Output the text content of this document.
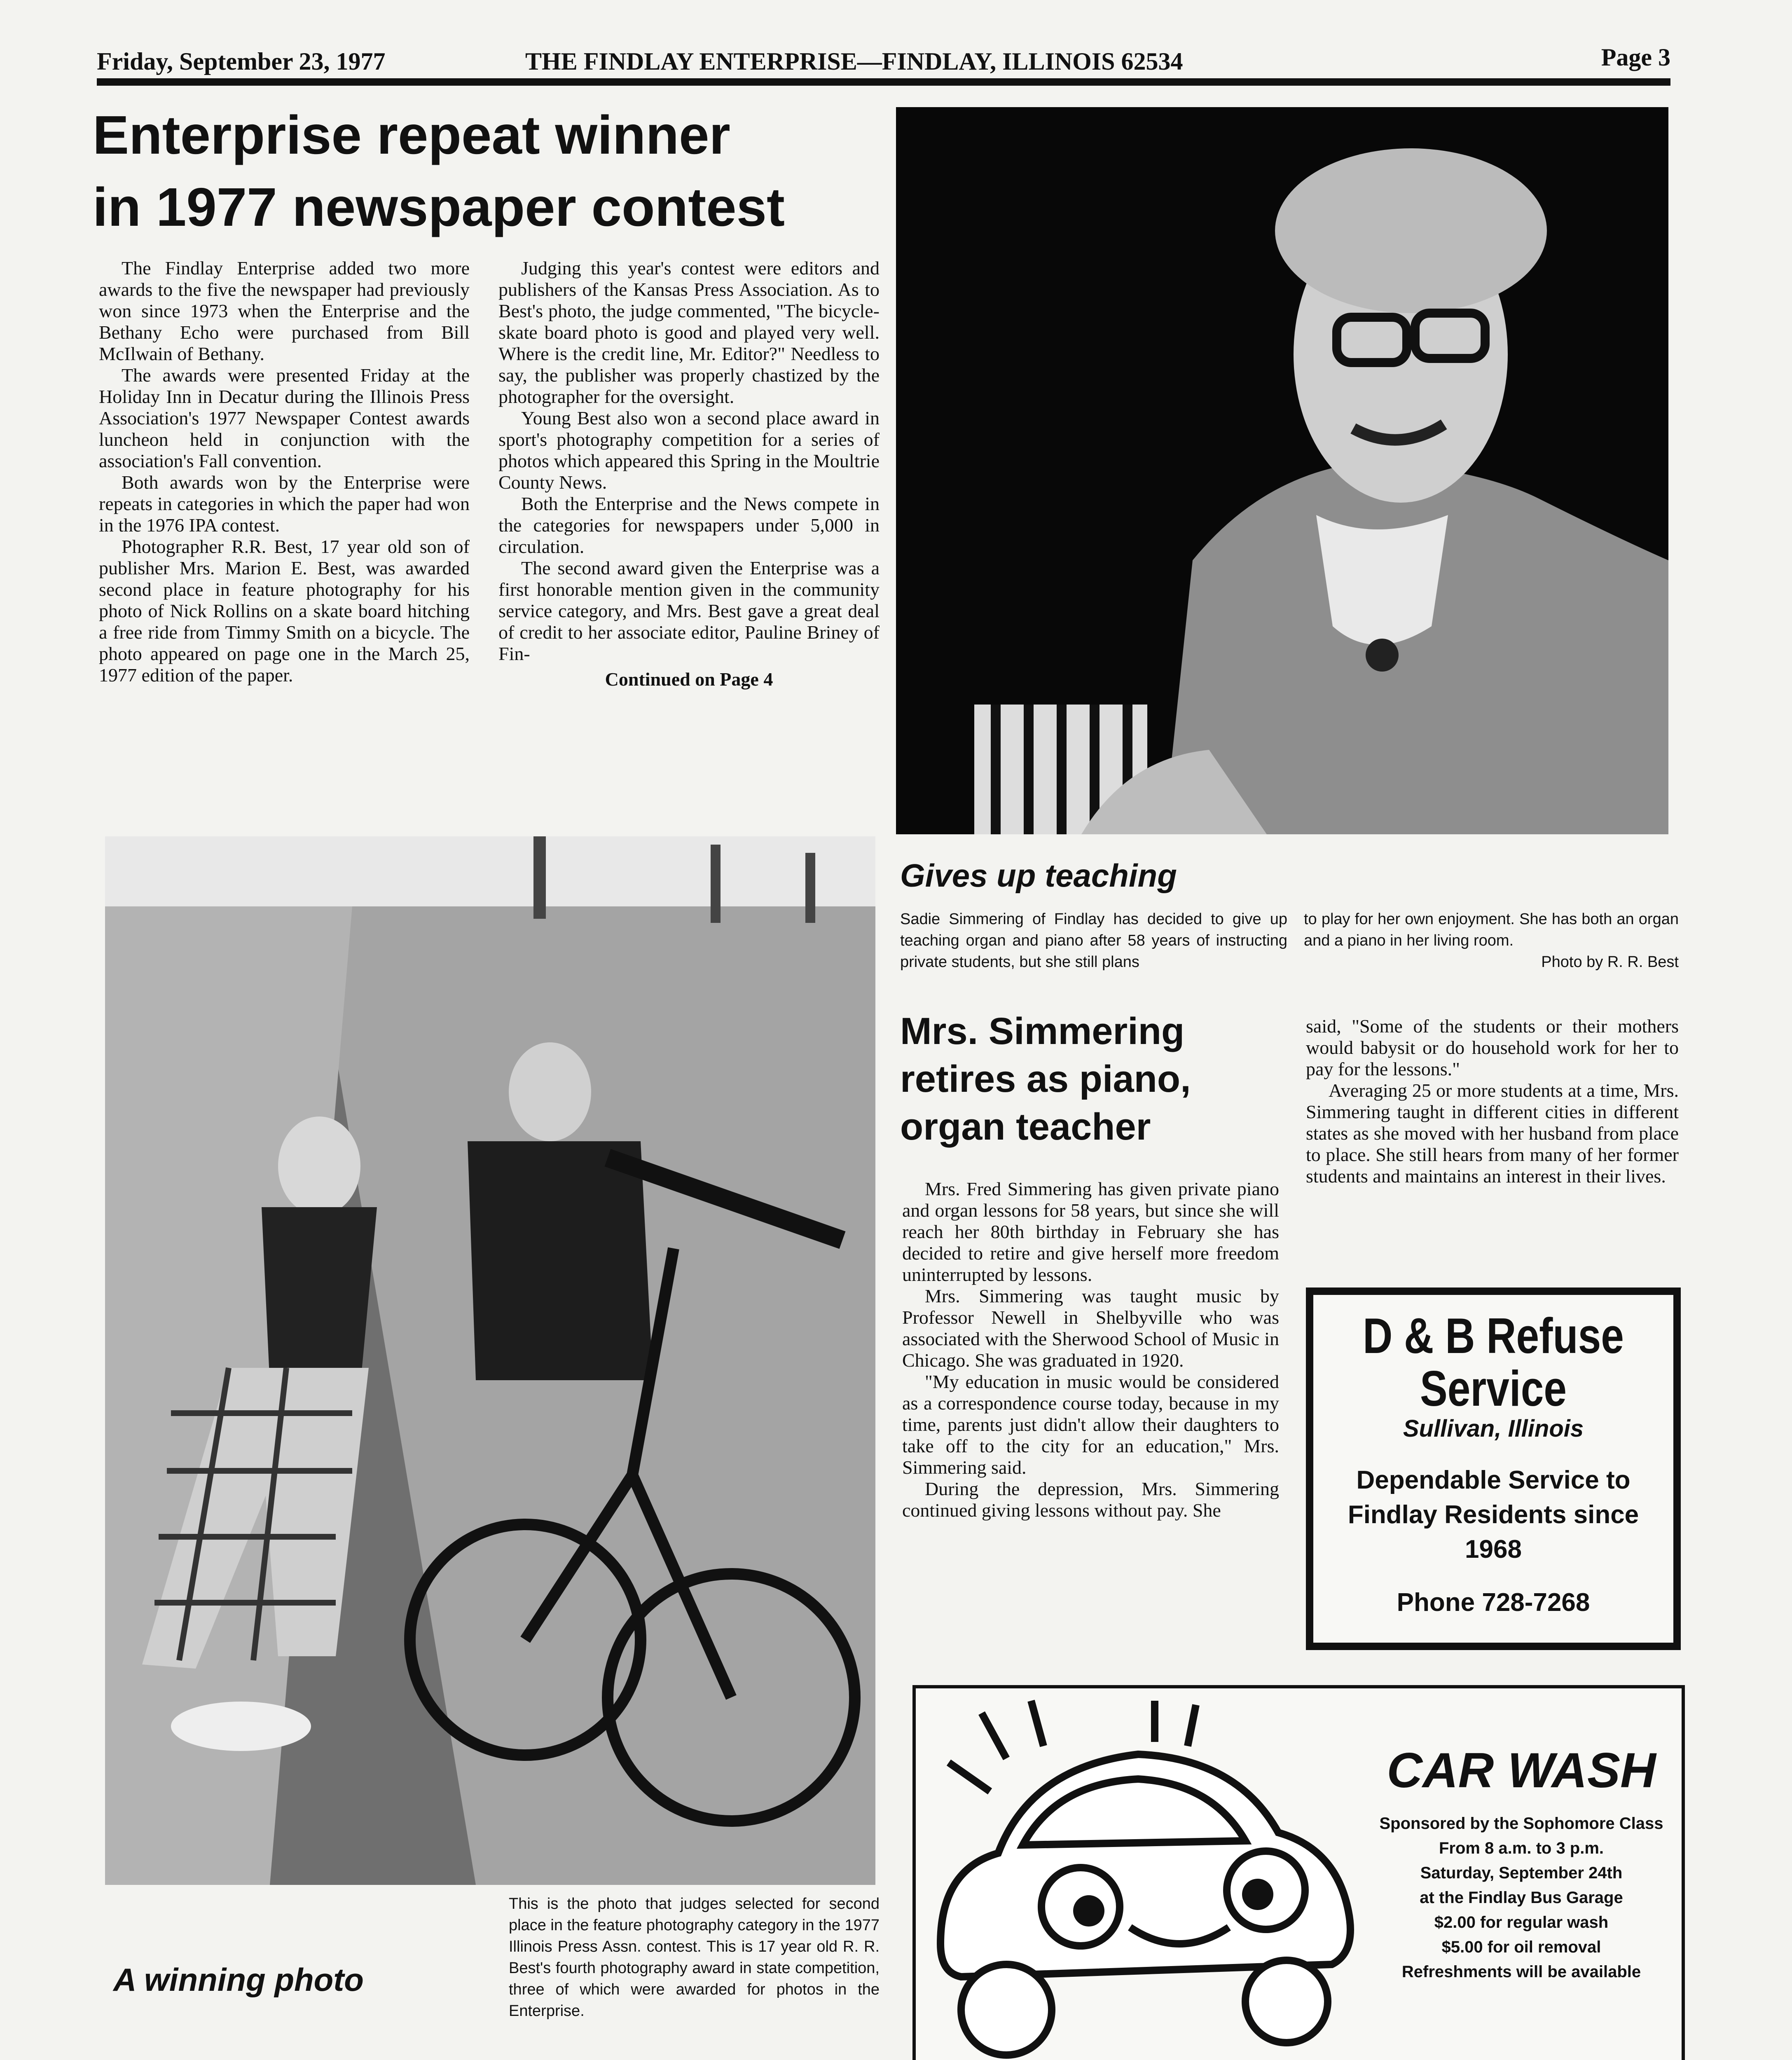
Friday, September 23, 1977	THE FINDLAY ENTERPRISE—FINDLAY, ILLINOIS 62534	Page 3
Enterprise repeat winner
in 1977 newspaper contest

The Findlay Enterprise added two more awards to the five the newspaper had previously won since 1973 when the Enterprise and the Bethany Echo were purchased from Bill McIlwain of Bethany.

The awards were presented Friday at the Holiday Inn in Decatur during the Illinois Press Association's 1977 Newspaper Contest awards luncheon held in conjunction with the association's Fall convention.

Both awards won by the Enterprise were repeats in categories in which the paper had won in the 1976 IPA contest.

Photographer R.R. Best, 17 year old son of publisher Mrs. Marion E. Best, was awarded second place in feature photography for his photo of Nick Rollins on a skate board hitching a free ride from Timmy Smith on a bicycle. The photo appeared on page one in the March 25, 1977 edition of the paper.

Judging this year's contest were editors and publishers of the Kansas Press Association. As to Best's photo, the judge commented, "The bicycle-skate board photo is good and played very well. Where is the credit line, Mr. Editor?" Needless to say, the publisher was properly chastized by the photographer for the oversight.

Young Best also won a second place award in sport's photography competition for a series of photos which appeared this Spring in the Moultrie County News.

Both the Enterprise and the News compete in the categories for newspapers under 5,000 in circulation.

The second award given the Enterprise was a first honorable mention given in the community service category, and Mrs. Best gave a great deal of credit to her associate editor, Pauline Briney of Fin-

Continued on Page 4

A winning photo
This is the photo that judges selected for second place in the feature photography category in the 1977 Illinois Press Assn. contest. This is 17 year old R. R. Best's fourth photography award in state competition, three of which were awarded for photos in the Enterprise.
Gives up teaching
Sadie Simmering of Findlay has decided to give up teaching organ and piano after 58 years of instructing private students, but she still plans
to play for her own enjoyment. She has both an organ and a piano in her living room.
Photo by R. R. Best
Mrs. Simmering
retires as piano,
organ teacher

Mrs. Fred Simmering has given private piano and organ lessons for 58 years, but since she will reach her 80th birthday in February she has decided to retire and give herself more freedom uninterrupted by lessons.

Mrs. Simmering was taught music by Professor Newell in Shelbyville who was associated with the Sherwood School of Music in Chicago. She was graduated in 1920.

"My education in music would be considered as a correspondence course today, because in my time, parents just didn't allow their daughters to take off to the city for an education," Mrs. Simmering said.

During the depression, Mrs. Simmering continued giving lessons without pay. She

said, "Some of the students or their mothers would babysit or do household work for her to pay for the lessons."

Averaging 25 or more students at a time, Mrs. Simmering taught in different cities in different states as she moved with her husband from place to place. She still hears from many of her former students and maintains an interest in their lives.

D & B Refuse
Service
Sullivan, Illinois
Dependable Service to
Findlay Residents since
1968
Phone 728-7268
CAR WASH
Sponsored by the Sophomore Class
From 8 a.m. to 3 p.m.
Saturday, September 24th
at the Findlay Bus Garage
$2.00 for regular wash
$5.00 for oil removal
Refreshments will be available
